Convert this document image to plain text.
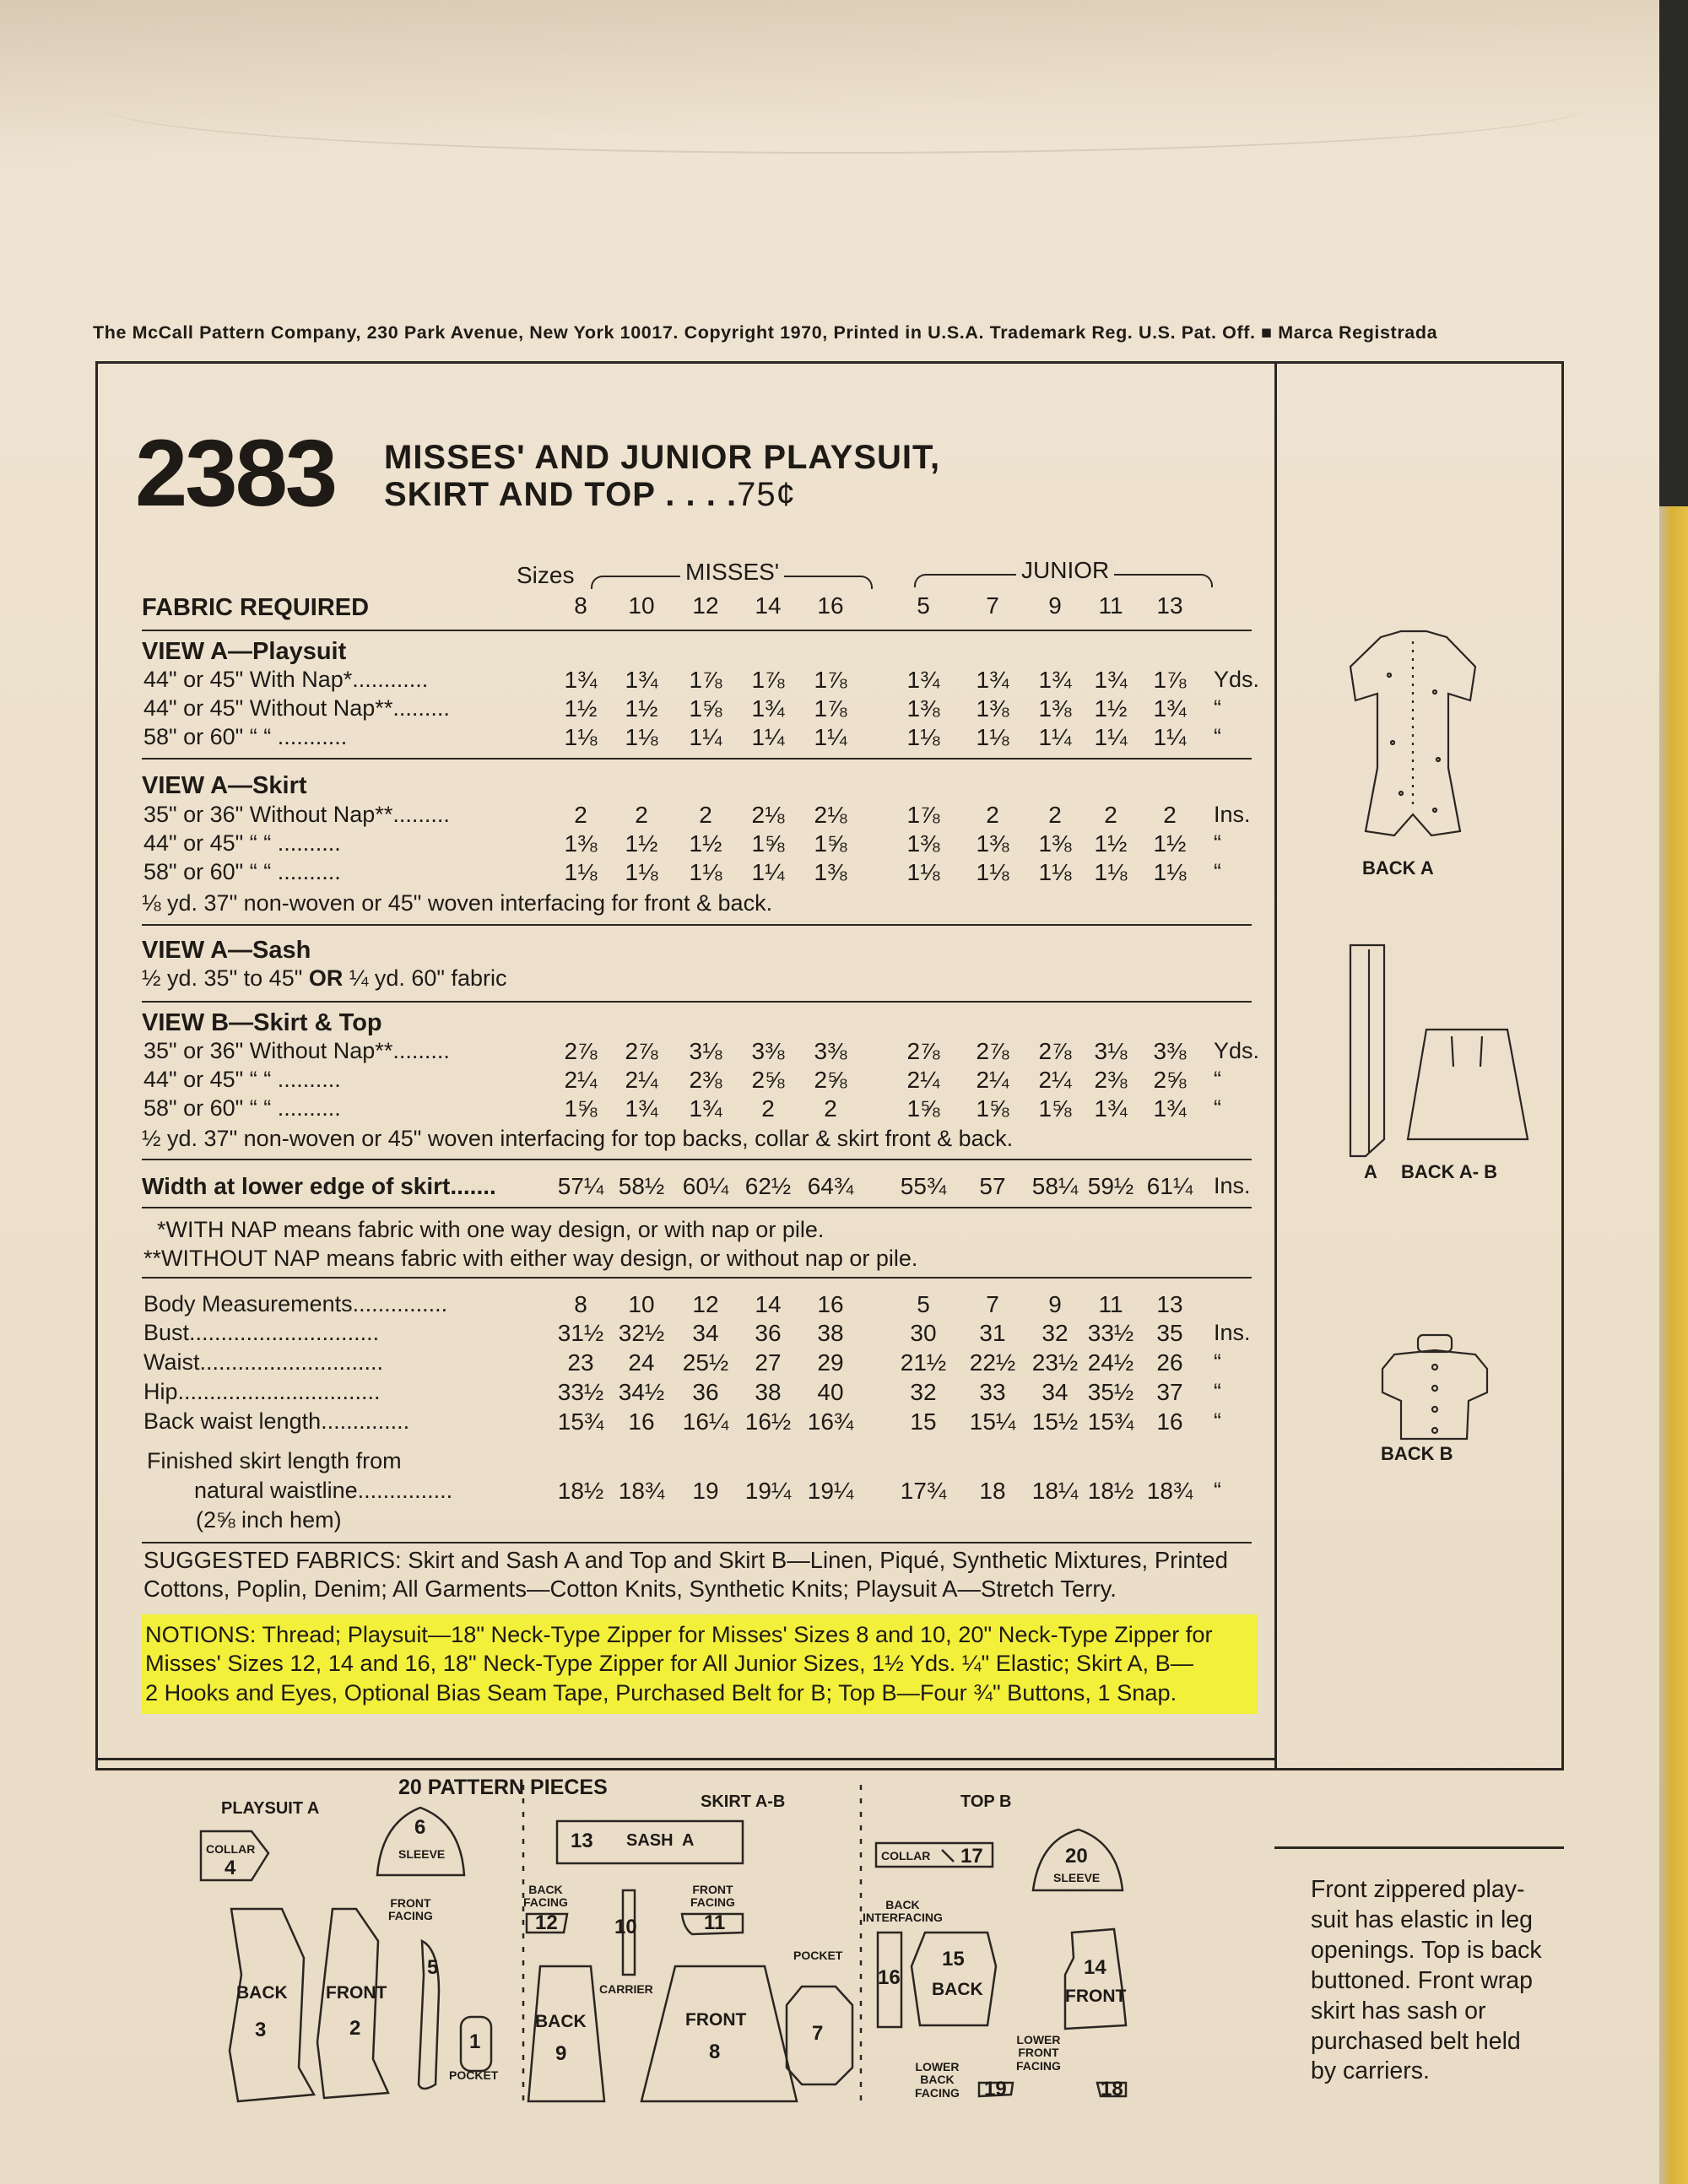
The McCall Pattern Company, 230 Park Avenue, New York 10017. Copyright 1970, Printed in U.S.A. Trademark Reg. U.S. Pat. Off. ■ Marca Registrada
2383 MISSES' AND JUNIOR PLAYSUIT,
SKIRT AND TOP . . . .75¢
Sizes	MISSES'	JUNIOR
FABRIC REQUIRED	8	10	12	14	16	5	7	9	11	13
VIEW A—Playsuit
44" or 45" With Nap*............	1¾	1¾	1⅞	1⅞	1⅞	1¾	1¾	1¾ 1¾	1⅞	Yds.
44" or 45" Without Nap**.........	1½	1½	1⅝	1¾	1⅞	1⅜	1⅜	1⅜ 1½	1¾	“
58" or 60" “ “ ...........	1⅛	1⅛	1¼	1¼	1¼	1⅛	1⅛	1¼ 1¼	1¼	“
VIEW A—Skirt
35" or 36" Without Nap**.........	2	2	2	2⅛	2⅛	1⅞	2	2	2	2	Ins.
44" or 45" “ “ ..........	1⅜	1½	1½	1⅝	1⅝	1⅜	1⅜	1⅜ 1½	1½	“
58" or 60" “ “ ..........	1⅛	1⅛	1⅛	1¼	1⅜	1⅛	1⅛	1⅛ 1⅛	1⅛	“
⅛ yd. 37" non-woven or 45" woven interfacing for front & back.
VIEW A—Sash
½ yd. 35" to 45" OR ¼ yd. 60" fabric
VIEW B—Skirt & Top
35" or 36" Without Nap**.........	2⅞	2⅞	3⅛	3⅜	3⅜	2⅞	2⅞	2⅞ 3⅛	3⅜	Yds.
44" or 45" “ “ ..........	2¼	2¼	2⅜	2⅝	2⅝	2¼	2¼	2¼ 2⅜	2⅝	“
58" or 60" “ “ ..........	1⅝	1¾	1¾	2	2	1⅝	1⅝	1⅝ 1¾	1¾	“
½ yd. 37" non-woven or 45" woven interfacing for top backs, collar & skirt front & back.
Width at lower edge of skirt.......	57¼ 58½ 60¼ 62½ 64¾	55¾	57	58¼ 59½ 61¼ Ins.
*WITH NAP means fabric with one way design, or with nap or pile.
**WITHOUT NAP means fabric with either way design, or without nap or pile.
Body Measurements...............	8	10	12	14	16	5	7	9	11	13
Bust..............................	31½ 32½	34	36	38	30	31	32 33½ 35	Ins.
Waist.............................	23	24	25½	27	29	21½ 22½ 23½ 24½ 26	“
Hip................................	33½ 34½	36	38	40	32	33	34 35½ 37	“
Back waist length..............	15¾	16	16¼ 16½ 16¾	15	15¼ 15½ 15¾ 16	“
Finished skirt length from
natural waistline...............
(2⅝ inch hem)
18½ 18¾	19	19¼ 19¼	17¾	18	18¼ 18½ 18¾ “
SUGGESTED FABRICS: Skirt and Sash A and Top and Skirt B—Linen, Piqué, Synthetic Mixtures, Printed
Cottons, Poplin, Denim; All Garments—Cotton Knits, Synthetic Knits; Playsuit A—Stretch Terry.
NOTIONS: Thread; Playsuit—18" Neck-Type Zipper for Misses' Sizes 8 and 10, 20" Neck-Type Zipper for
Misses' Sizes 12, 14 and 16, 18" Neck-Type Zipper for All Junior Sizes, 1½ Yds. ¼" Elastic; Skirt A, B—
2 Hooks and Eyes, Optional Bias Seam Tape, Purchased Belt for B; Top B—Four ¾" Buttons, 1 Snap.
20 PATTERN PIECES
PLAYSUIT A	SKIRT A-B	TOP B
COLLAR
4
6
SLEEVE
FRONT
FACING
BACK
3
FRONT
2
5
1
POCKET
13 SASH  A
BACK
FACING
12	10
CARRIER
FRONT
FACING
11
BACK
9
FRONT
8
POCKET
7
COLLAR 17	20
SLEEVE
BACK
INTERFACING
16
15
BACK
14
FRONT
LOWER
BACK
FACING 19
LOWER
FRONT
FACING
18
BACK A
A BACK A- B
BACK B
Front zippered play-suit has elastic in leg openings. Top is back buttoned. Front wrap skirt has sash or purchased belt held by carriers.
